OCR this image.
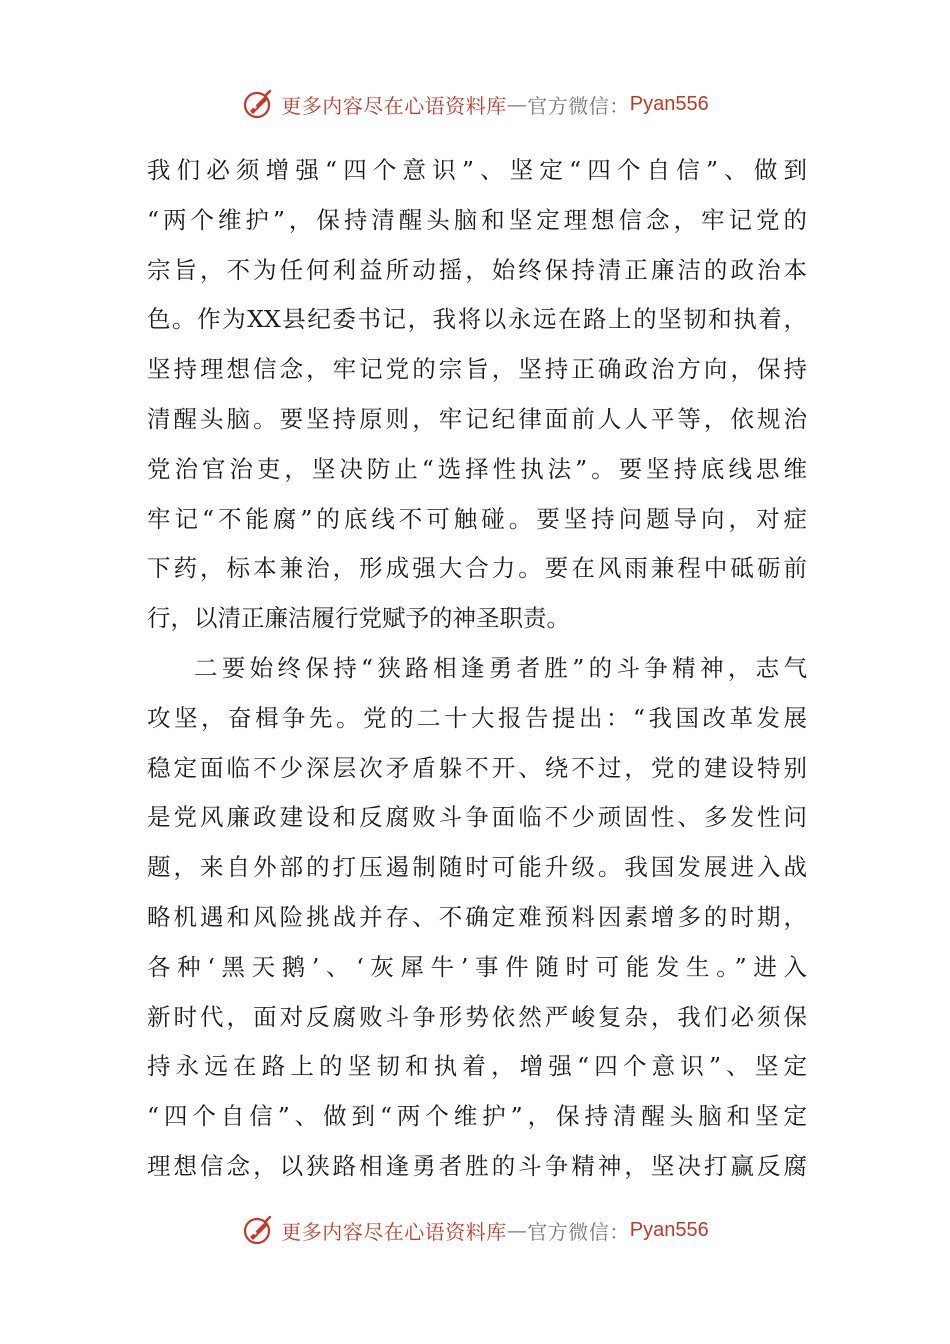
更多内容尽在心语资料库 — 官方微信： Pyan556
我们必须增强“四个意识”、坚定“四个自信”、做到
“两个维护”，保持清醒头脑和坚定理想信念，牢记党的
宗旨，不为任何利益所动摇，始终保持清正廉洁的政治本
色。作为XX县纪委书记，我将以永远在路上的坚韧和执着，
坚持理想信念，牢记党的宗旨，坚持正确政治方向，保持
清醒头脑。要坚持原则，牢记纪律面前人人平等，依规治
党治官治吏，坚决防止“选择性执法”。要坚持底线思维
牢记“不能腐”的底线不可触碰。要坚持问题导向，对症
下药，标本兼治，形成强大合力。要在风雨兼程中砥砺前
行，以清正廉洁履行党赋予的神圣职责。
二要始终保持“狭路相逢勇者胜”的斗争精神，志气
攻坚，奋楫争先。党的二十大报告提出：“我国改革发展
稳定面临不少深层次矛盾躲不开、绕不过，党的建设特别
是党风廉政建设和反腐败斗争面临不少顽固性、多发性问
题，来自外部的打压遏制随时可能升级。我国发展进入战
略机遇和风险挑战并存、不确定难预料因素增多的时期，
各种‘黑天鹅’、‘灰犀牛’事件随时可能发生。”进入
新时代，面对反腐败斗争形势依然严峻复杂，我们必须保
持永远在路上的坚韧和执着，增强“四个意识”、坚定
“四个自信”、做到“两个维护”，保持清醒头脑和坚定
理想信念，以狭路相逢勇者胜的斗争精神，坚决打赢反腐
更多内容尽在心语资料库 — 官方微信： Pyan556
